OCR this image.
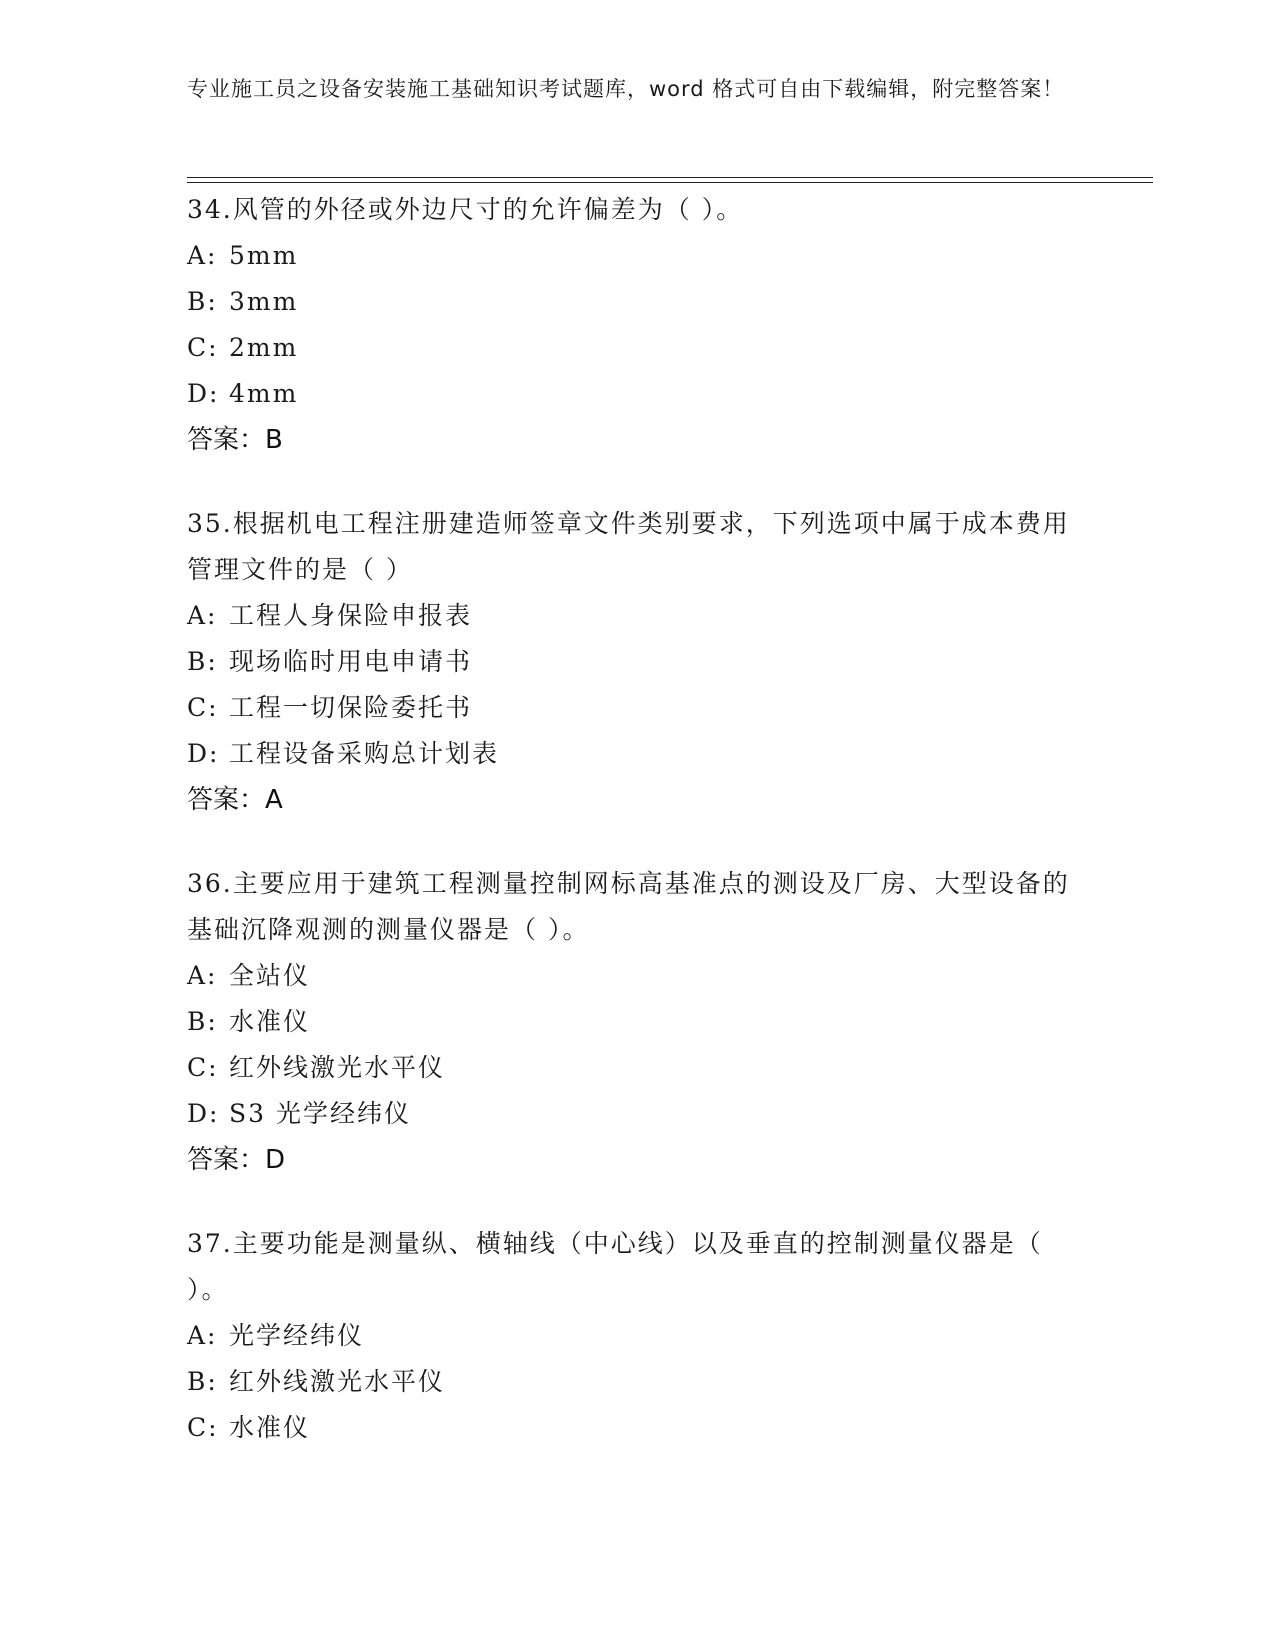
专业施工员之设备安装施工基础知识考试题库，word 格式可自由下载编辑，附完整答案！
34.风管的外径或外边尺寸的允许偏差为（ ）。
A: 5mm
B: 3mm
C: 2mm
D: 4mm
答案：B
35.根据机电工程注册建造师签章文件类别要求，下列选项中属于成本费用管理文件的是（ ）
A: 工程人身保险申报表
B: 现场临时用电申请书
C: 工程一切保险委托书
D: 工程设备采购总计划表
答案：A
36.主要应用于建筑工程测量控制网标高基准点的测设及厂房、大型设备的基础沉降观测的测量仪器是（ ）。
A: 全站仪
B: 水准仪
C: 红外线激光水平仪
D: S3 光学经纬仪
答案：D
37.主要功能是测量纵、横轴线（中心线）以及垂直的控制测量仪器是（ ）。
A: 光学经纬仪
B: 红外线激光水平仪
C: 水准仪
